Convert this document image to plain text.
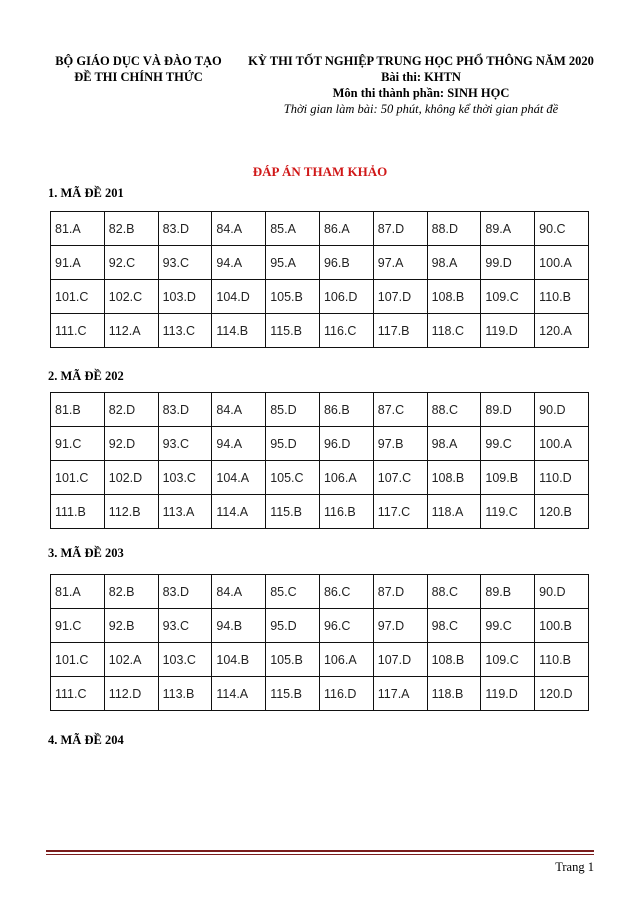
BỘ GIÁO DỤC VÀ ĐÀO TẠO
ĐỀ THI CHÍNH THỨC
KỲ THI TỐT NGHIỆP TRUNG HỌC PHỔ THÔNG NĂM 2020
Bài thi: KHTN
Môn thi thành phần: SINH HỌC
Thời gian làm bài: 50 phút, không kể thời gian phát đề
ĐÁP ÁN THAM KHẢO
1. MÃ ĐỀ 201
81.A	82.B	83.D	84.A	85.A	86.A	87.D	88.D	89.A	90.C
91.A	92.C	93.C	94.A	95.A	96.B	97.A	98.A	99.D	100.A
101.C	102.C	103.D	104.D	105.B	106.D	107.D	108.B	109.C	110.B
111.C	112.A	113.C	114.B	115.B	116.C	117.B	118.C	119.D	120.A
2. MÃ ĐỀ 202
81.B	82.D	83.D	84.A	85.D	86.B	87.C	88.C	89.D	90.D
91.C	92.D	93.C	94.A	95.D	96.D	97.B	98.A	99.C	100.A
101.C	102.D	103.C	104.A	105.C	106.A	107.C	108.B	109.B	110.D
111.B	112.B	113.A	114.A	115.B	116.B	117.C	118.A	119.C	120.B
3. MÃ ĐỀ 203
81.A	82.B	83.D	84.A	85.C	86.C	87.D	88.C	89.B	90.D
91.C	92.B	93.C	94.B	95.D	96.C	97.D	98.C	99.C	100.B
101.C	102.A	103.C	104.B	105.B	106.A	107.D	108.B	109.C	110.B
111.C	112.D	113.B	114.A	115.B	116.D	117.A	118.B	119.D	120.D
4. MÃ ĐỀ 204
Trang 1
